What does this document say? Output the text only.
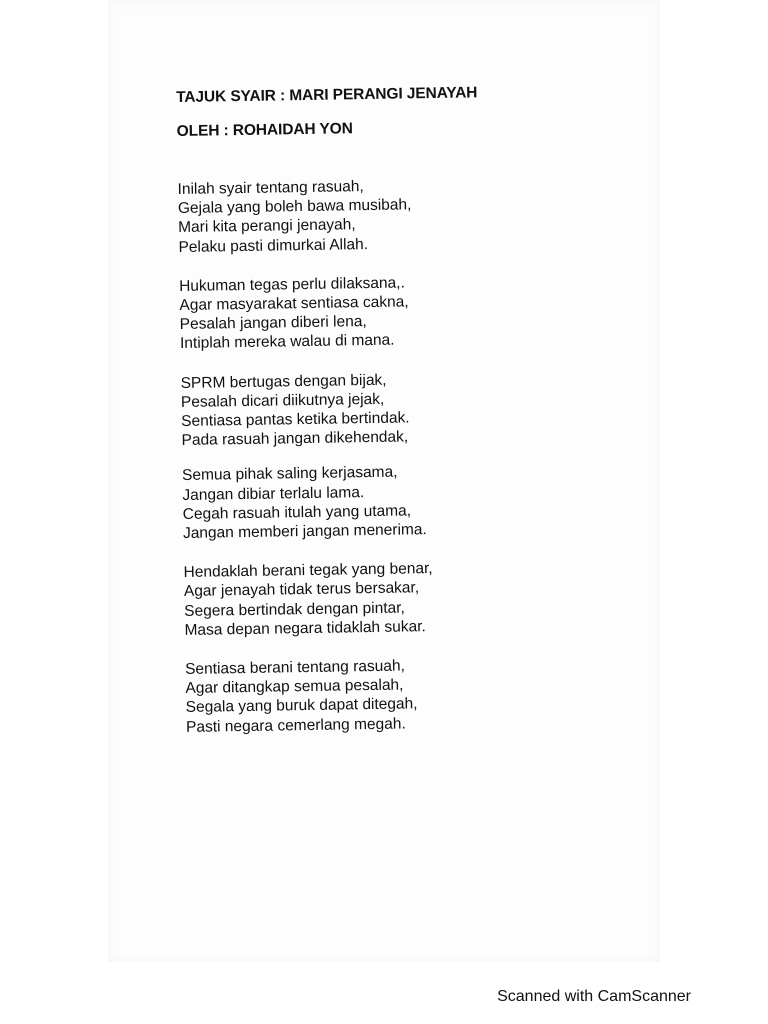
TAJUK SYAIR : MARI PERANGI JENAYAH

OLEH : ROHAIDAH YON

Inilah syair tentang rasuah,
Gejala yang boleh bawa musibah,
Mari kita perangi jenayah,
Pelaku pasti dimurkai Allah.
Hukuman tegas perlu dilaksana,.
Agar masyarakat sentiasa cakna,
Pesalah jangan diberi lena,
Intiplah mereka walau di mana.
SPRM bertugas dengan bijak,
Pesalah dicari diikutnya jejak,
Sentiasa pantas ketika bertindak.
Pada rasuah jangan dikehendak,
Semua pihak saling kerjasama,
Jangan dibiar terlalu lama.
Cegah rasuah itulah yang utama,
Jangan memberi jangan menerima.
Hendaklah berani tegak yang benar,
Agar jenayah tidak terus bersakar,
Segera bertindak dengan pintar,
Masa depan negara tidaklah sukar.
Sentiasa berani tentang rasuah,
Agar ditangkap semua pesalah,
Segala yang buruk dapat ditegah,
Pasti negara cemerlang megah.
Scanned with CamScanner
